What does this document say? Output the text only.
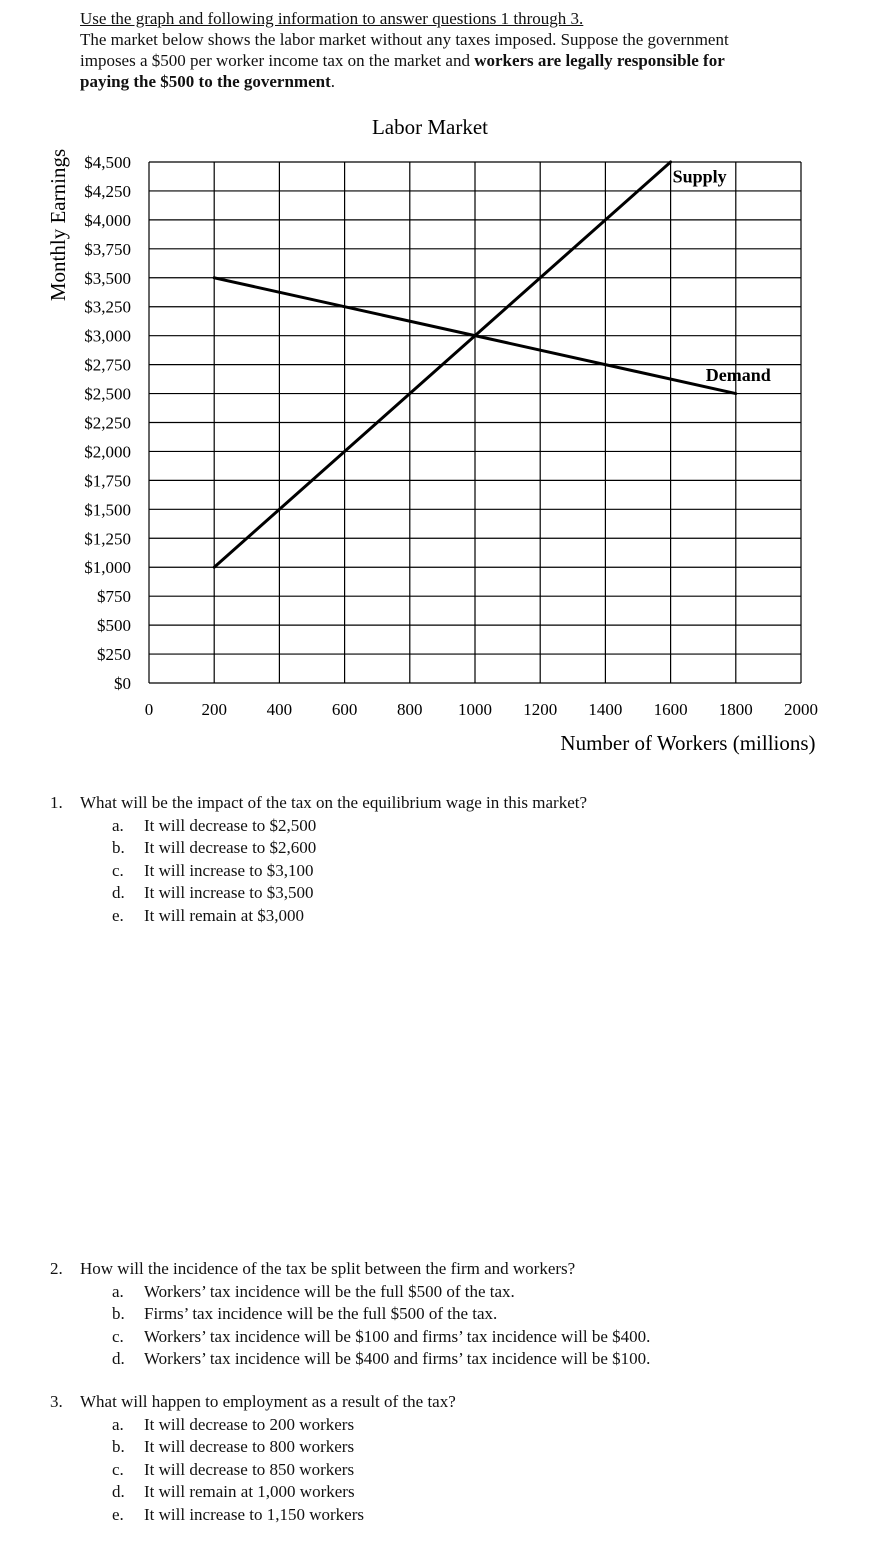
Use the graph and following information to answer questions 1 through 3.
The market below shows the labor market without any taxes imposed. Suppose the government
imposes a $500 per worker income tax on the market and workers are legally responsible for
paying the $500 to the government.
$4,500
$4,250
$4,000
$3,750
$3,500
$3,250
$3,000
$2,750
$2,500
$2,250
$2,000
$1,750
$1,500
$1,250
$1,000
$750
$500
$250
$0
0	200 400 600 800 1000 1200 1400 1600 1800 2000
Supply
Demand
Labor Market
Monthly Earnings
Number of Workers (millions)
1.	What will be the impact of the tax on the equilibrium wage in this market?
a.	It will decrease to $2,500
b.	It will decrease to $2,600
c.	It will increase to $3,100
d.	It will increase to $3,500
e.	It will remain at $3,000
2.	How will the incidence of the tax be split between the firm and workers?
a.	Workers’ tax incidence will be the full $500 of the tax.
b.	Firms’ tax incidence will be the full $500 of the tax.
c.	Workers’ tax incidence will be $100 and firms’ tax incidence will be $400.
d.	Workers’ tax incidence will be $400 and firms’ tax incidence will be $100.
3.	What will happen to employment as a result of the tax?
a.	It will decrease to 200 workers
b.	It will decrease to 800 workers
c.	It will decrease to 850 workers
d.	It will remain at 1,000 workers
e.	It will increase to 1,150 workers
